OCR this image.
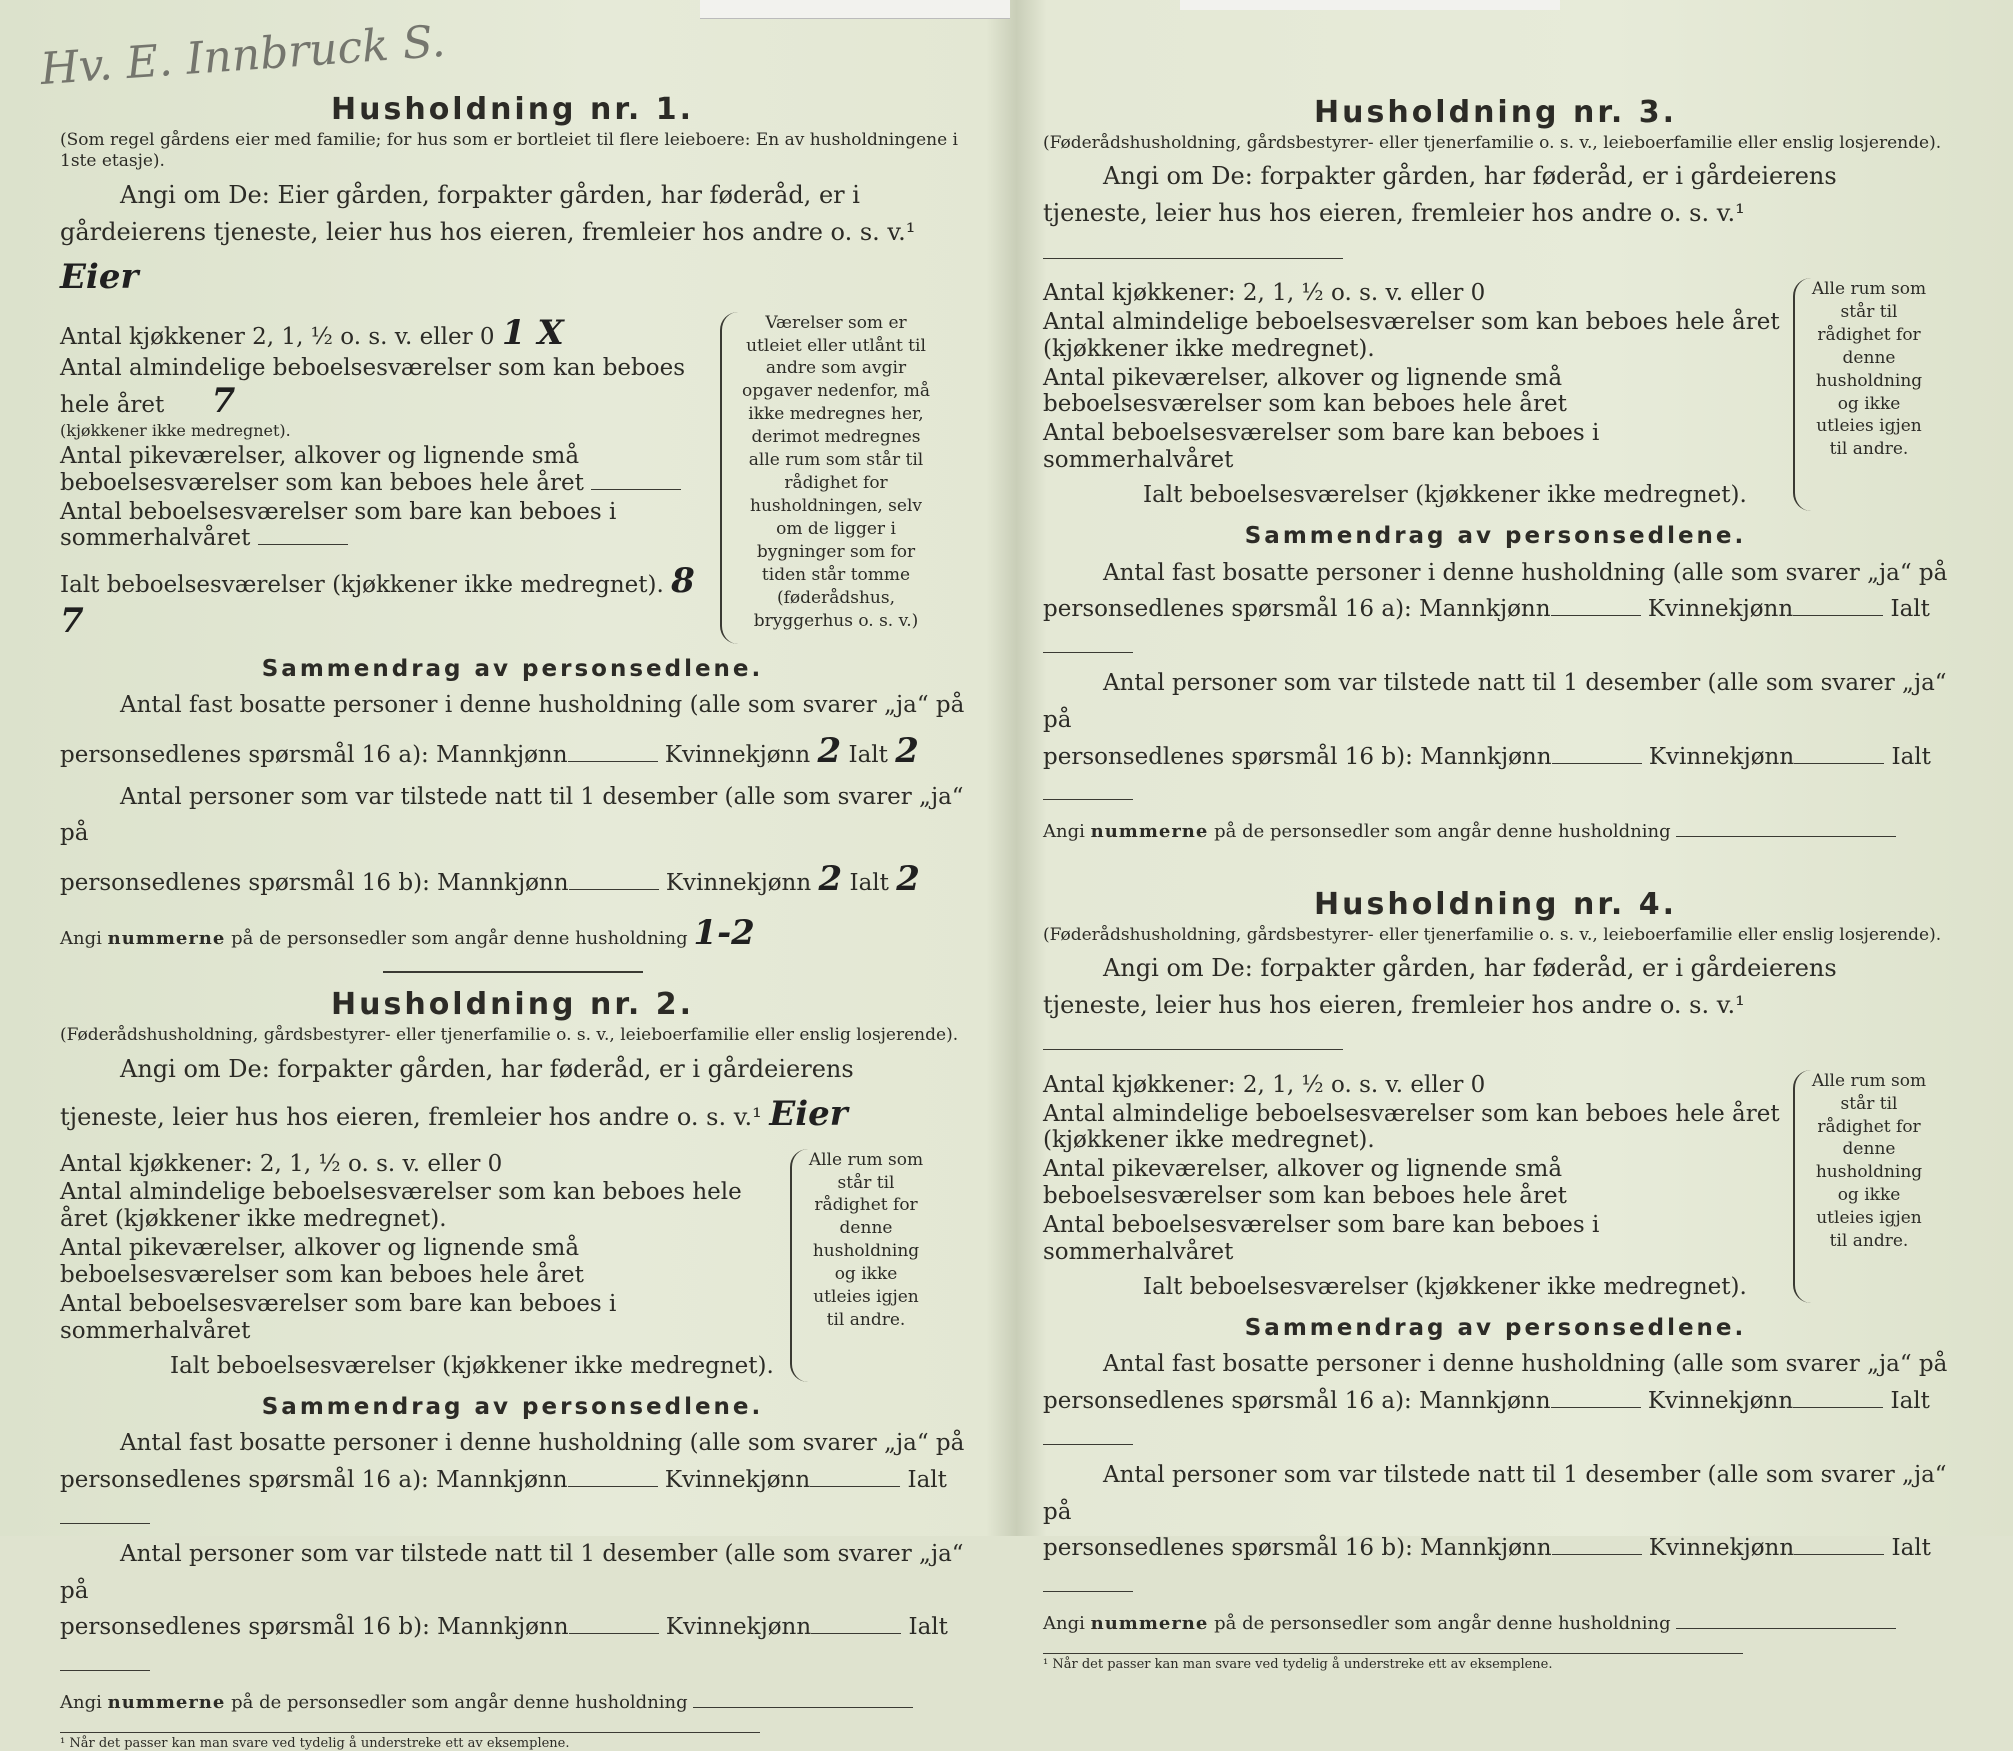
Hv. E. Innbruck S.

Husholdning nr. 1.

(Som regel gårdens eier med familie; for hus som er bortleiet til flere leieboere: En av husholdningene i 1ste etasje).

Angi om De: Eier gården, forpakter gården, har føderåd, er i gårdeierens tjeneste, leier hus hos eieren, fremleier hos andre o. s. v.¹ Eier

Antal kjøkkener 2, 1, ½ o. s. v. eller 0 1 X
Antal almindelige beboelsesværelser som kan beboes hele året 7
(kjøkkener ikke medregnet).
Antal pikeværelser, alkover og lignende små beboelsesværelser som kan beboes hele året
Antal beboelsesværelser som bare kan beboes i sommerhalvåret
Ialt beboelsesværelser (kjøkkener ikke medregnet). 8 7
Værelser som er utleiet eller utlånt til andre som avgir opgaver nedenfor, må ikke medregnes her, derimot medregnes alle rum som står til rådighet for husholdningen, selv om de ligger i bygninger som for tiden står tomme (føderådshus, bryggerhus o. s. v.)

Sammendrag av personsedlene.

Antal fast bosatte personer i denne husholdning (alle som svarer „ja“ på

personsedlenes spørsmål 16 a): Mannkjønn	Kvinnekjønn 2 Ialt 2

Antal personer som var tilstede natt til 1 desember (alle som svarer „ja“ på

personsedlenes spørsmål 16 b): Mannkjønn	Kvinnekjønn 2 Ialt 2

Angi nummerne på de personsedler som angår denne husholdning 1-2

Husholdning nr. 2.

(Føderådshusholdning, gårdsbestyrer- eller tjenerfamilie o. s. v., leieboerfamilie eller enslig losjerende).

Angi om De: forpakter gården, har føderåd, er i gårdeierens tjeneste, leier hus hos eieren, fremleier hos andre o. s. v.¹ Eier

Antal kjøkkener: 2, 1, ½ o. s. v. eller 0
Antal almindelige beboelsesværelser som kan beboes hele året (kjøkkener ikke medregnet).
Antal pikeværelser, alkover og lignende små beboelsesværelser som kan beboes hele året
Antal beboelsesværelser som bare kan beboes i sommerhalvåret
Ialt beboelsesværelser (kjøkkener ikke medregnet).
Alle rum som står til rådighet for denne husholdning og ikke utleies igjen til andre.

Sammendrag av personsedlene.

Antal fast bosatte personer i denne husholdning (alle som svarer „ja“ på

personsedlenes spørsmål 16 a): Mannkjønn	Kvinnekjønn	Ialt

Antal personer som var tilstede natt til 1 desember (alle som svarer „ja“ på

personsedlenes spørsmål 16 b): Mannkjønn	Kvinnekjønn	Ialt

Angi nummerne på de personsedler som angår denne husholdning

¹ Når det passer kan man svare ved tydelig å understreke ett av eksemplene.

Husholdning nr. 3.

(Føderådshusholdning, gårdsbestyrer- eller tjenerfamilie o. s. v., leieboerfamilie eller enslig losjerende).

Angi om De: forpakter gården, har føderåd, er i gårdeierens tjeneste, leier hus hos eieren, fremleier hos andre o. s. v.¹

Antal kjøkkener: 2, 1, ½ o. s. v. eller 0
Antal almindelige beboelsesværelser som kan beboes hele året (kjøkkener ikke medregnet).
Antal pikeværelser, alkover og lignende små beboelsesværelser som kan beboes hele året
Antal beboelsesværelser som bare kan beboes i sommerhalvåret
Ialt beboelsesværelser (kjøkkener ikke medregnet).
Alle rum som står til rådighet for denne husholdning og ikke utleies igjen til andre.

Sammendrag av personsedlene.

Antal fast bosatte personer i denne husholdning (alle som svarer „ja“ på

personsedlenes spørsmål 16 a): Mannkjønn	Kvinnekjønn	Ialt

Antal personer som var tilstede natt til 1 desember (alle som svarer „ja“ på

personsedlenes spørsmål 16 b): Mannkjønn	Kvinnekjønn	Ialt

Angi nummerne på de personsedler som angår denne husholdning

Husholdning nr. 4.

(Føderådshusholdning, gårdsbestyrer- eller tjenerfamilie o. s. v., leieboerfamilie eller enslig losjerende).

Angi om De: forpakter gården, har føderåd, er i gårdeierens tjeneste, leier hus hos eieren, fremleier hos andre o. s. v.¹

Antal kjøkkener: 2, 1, ½ o. s. v. eller 0
Antal almindelige beboelsesværelser som kan beboes hele året (kjøkkener ikke medregnet).
Antal pikeværelser, alkover og lignende små beboelsesværelser som kan beboes hele året
Antal beboelsesværelser som bare kan beboes i sommerhalvåret
Ialt beboelsesværelser (kjøkkener ikke medregnet).
Alle rum som står til rådighet for denne husholdning og ikke utleies igjen til andre.

Sammendrag av personsedlene.

Antal fast bosatte personer i denne husholdning (alle som svarer „ja“ på

personsedlenes spørsmål 16 a): Mannkjønn	Kvinnekjønn	Ialt

Antal personer som var tilstede natt til 1 desember (alle som svarer „ja“ på

personsedlenes spørsmål 16 b): Mannkjønn	Kvinnekjønn	Ialt

Angi nummerne på de personsedler som angår denne husholdning

¹ Når det passer kan man svare ved tydelig å understreke ett av eksemplene.
